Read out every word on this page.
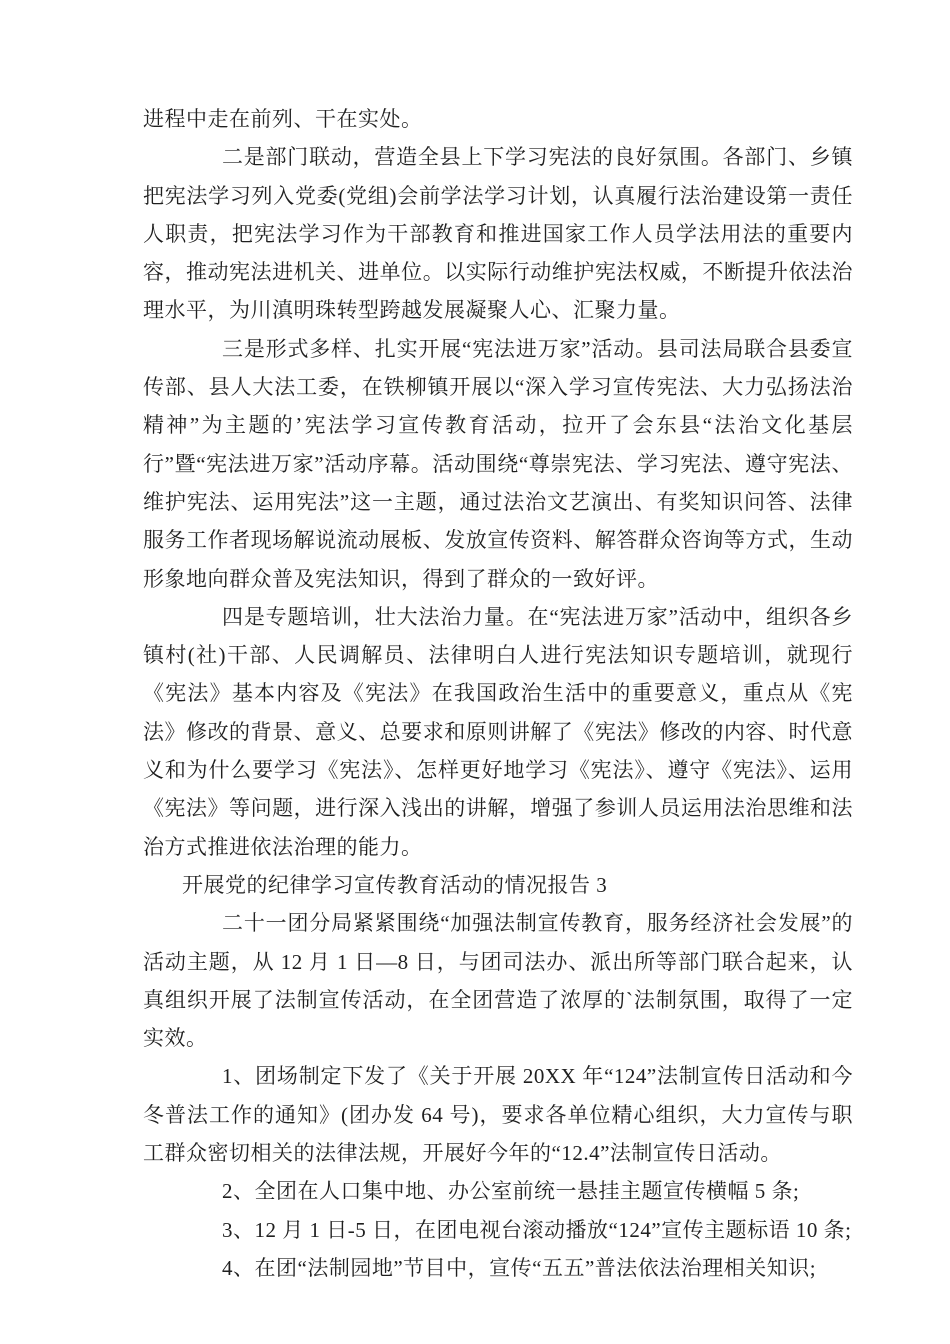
进程中走在前列、干在实处。

二是部门联动，营造全县上下学习宪法的良好氛围。各部门、乡镇把宪法学习列入党委(党组)会前学法学习计划，认真履行法治建设第一责任人职责，把宪法学习作为干部教育和推进国家工作人员学法用法的重要内容，推动宪法进机关、进单位。以实际行动维护宪法权威，不断提升依法治理水平，为川滇明珠转型跨越发展凝聚人心、汇聚力量。

三是形式多样、扎实开展“宪法进万家”活动。县司法局联合县委宣传部、县人大法工委，在铁柳镇开展以“深入学习宣传宪法、大力弘扬法治精神”为主题的’宪法学习宣传教育活动，拉开了会东县“法治文化基层行”暨“宪法进万家”活动序幕。活动围绕“尊崇宪法、学习宪法、遵守宪法、维护宪法、运用宪法”这一主题，通过法治文艺演出、有奖知识问答、法律服务工作者现场解说流动展板、发放宣传资料、解答群众咨询等方式，生动形象地向群众普及宪法知识，得到了群众的一致好评。

四是专题培训，壮大法治力量。在“宪法进万家”活动中，组织各乡镇村(社)干部、人民调解员、法律明白人进行宪法知识专题培训，就现行《宪法》基本内容及《宪法》在我国政治生活中的重要意义，重点从《宪法》修改的背景、意义、总要求和原则讲解了《宪法》修改的内容、时代意义和为什么要学习《宪法》、怎样更好地学习《宪法》、遵守《宪法》、运用《宪法》等问题，进行深入浅出的讲解，增强了参训人员运用法治思维和法治方式推进依法治理的能力。

开展党的纪律学习宣传教育活动的情况报告 3

二十一团分局紧紧围绕“加强法制宣传教育，服务经济社会发展”的活动主题，从 12 月 1 日—8 日，与团司法办、派出所等部门联合起来，认真组织开展了法制宣传活动，在全团营造了浓厚的`法制氛围，取得了一定实效。

1、团场制定下发了《关于开展 20XX 年“124”法制宣传日活动和今冬普法工作的通知》(团办发 64 号)，要求各单位精心组织，大力宣传与职工群众密切相关的法律法规，开展好今年的“12.4”法制宣传日活动。

2、全团在人口集中地、办公室前统一悬挂主题宣传横幅 5 条;

3、12 月 1 日-5 日，在团电视台滚动播放“124”宣传主题标语 10 条;

4、在团“法制园地”节目中，宣传“五五”普法依法治理相关知识;
